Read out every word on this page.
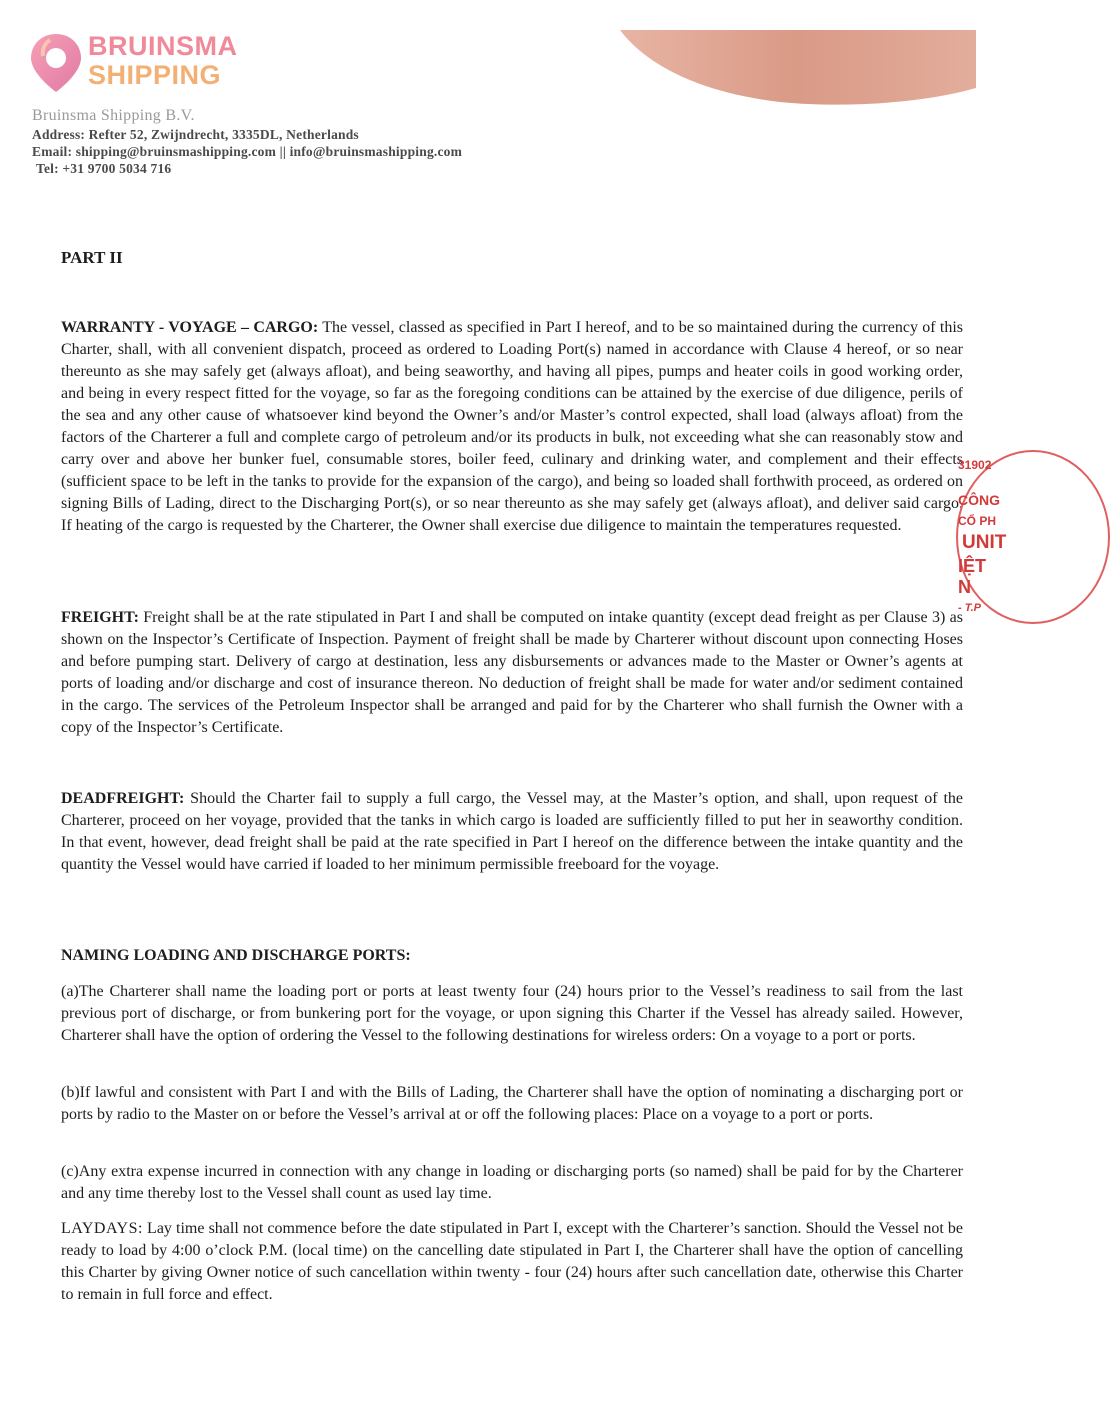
BRUINSMA
SHIPPING
Bruinsma Shipping B.V.
Address: Refter 52, Zwijndrecht, 3335DL, Netherlands
Email: shipping@bruinsmashipping.com || info@bruinsmashipping.com
Tel: +31 9700 5034 716
PART II

WARRANTY - VOYAGE – CARGO: The vessel, classed as specified in Part I hereof, and to be so maintained during the currency of this Charter, shall, with all convenient dispatch, proceed as ordered to Loading Port(s) named in accordance with Clause 4 hereof, or so near thereunto as she may safely get (always afloat), and being seaworthy, and having all pipes, pumps and heater coils in good working order, and being in every respect fitted for the voyage, so far as the foregoing conditions can be attained by the exercise of due diligence, perils of the sea and any other cause of whatsoever kind beyond the Owner’s and/or Master’s control expected, shall load (always afloat) from the factors of the Charterer a full and complete cargo of petroleum and/or its products in bulk, not exceeding what she can reasonably stow and carry over and above her bunker fuel, consumable stores, boiler feed, culinary and drinking water, and complement and their effects (sufficient space to be left in the tanks to provide for the expansion of the cargo), and being so loaded shall forthwith proceed, as ordered on signing Bills of Lading, direct to the Discharging Port(s), or so near thereunto as she may safely get (always afloat), and deliver said cargo. If heating of the cargo is requested by the Charterer, the Owner shall exercise due diligence to maintain the temperatures requested.

FREIGHT: Freight shall be at the rate stipulated in Part I and shall be computed on intake quantity (except dead freight as per Clause 3) as shown on the Inspector’s Certificate of Inspection. Payment of freight shall be made by Charterer without discount upon connecting Hoses and before pumping start. Delivery of cargo at destination, less any disbursements or advances made to the Master or Owner’s agents at ports of loading and/or discharge and cost of insurance thereon. No deduction of freight shall be made for water and/or sediment contained in the cargo. The services of the Petroleum Inspector shall be arranged and paid for by the Charterer who shall furnish the Owner with a copy of the Inspector’s Certificate.

DEADFREIGHT: Should the Charter fail to supply a full cargo, the Vessel may, at the Master’s option, and shall, upon request of the Charterer, proceed on her voyage, provided that the tanks in which cargo is loaded are sufficiently filled to put her in seaworthy condition. In that event, however, dead freight shall be paid at the rate specified in Part I hereof on the difference between the intake quantity and the quantity the Vessel would have carried if loaded to her minimum permissible freeboard for the voyage.

NAMING LOADING AND DISCHARGE PORTS:

(a)The Charterer shall name the loading port or ports at least twenty four (24) hours prior to the Vessel’s readiness to sail from the last previous port of discharge, or from bunkering port for the voyage, or upon signing this Charter if the Vessel has already sailed. However, Charterer shall have the option of ordering the Vessel to the following destinations for wireless orders: On a voyage to a port or ports.

(b)If lawful and consistent with Part I and with the Bills of Lading, the Charterer shall have the option of nominating a discharging port or ports by radio to the Master on or before the Vessel’s arrival at or off the following places: Place on a voyage to a port or ports.

(c)Any extra expense incurred in connection with any change in loading or discharging ports (so named) shall be paid for by the Charterer and any time thereby lost to the Vessel shall count as used lay time.

LAYDAYS: Lay time shall not commence before the date stipulated in Part I, except with the Charterer’s sanction. Should the Vessel not be ready to load by 4:00 o’clock P.M. (local time) on the cancelling date stipulated in Part I, the Charterer shall have the option of cancelling this Charter by giving Owner notice of such cancellation within twenty - four (24) hours after such cancellation date, otherwise this Charter to remain in full force and effect.

31902
CÔNG
CỔ PH
UNIT
IỆT N
- T.P
